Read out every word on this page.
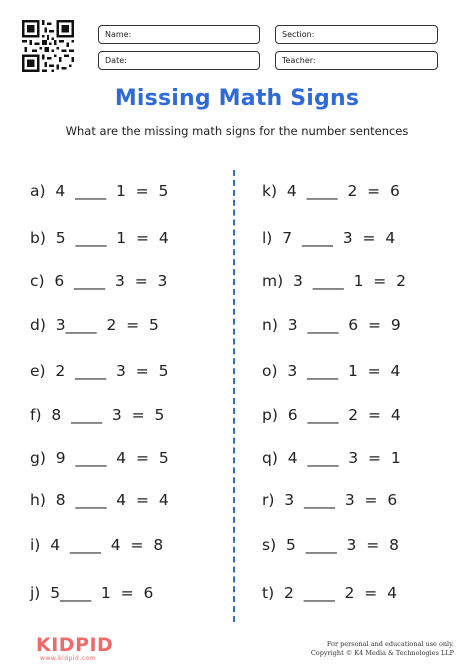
Name:	Section:
Date:	Teacher:
Missing Math Signs
What are the missing math signs for the number sentences
a)  4  ____  1  =  5
b)  5  ____  1  =  4
c)  6  ____  3  =  3
d)  3____  2  =  5
e)  2  ____  3  =  5
f)  8  ____  3  =  5
g)  9  ____  4  =  5
h)  8  ____  4  =  4
i)  4  ____  4  =  8
j)  5____  1  =  6
k)  4  ____  2  =  6
l)  7  ____  3  =  4
m)  3  ____  1  =  2
n)  3  ____  6  =  9
o)  3  ____  1  =  4
p)  6  ____  2  =  4
q)  4  ____  3  =  1
r)  3  ____  3  =  6
s)  5  ____  3  =  8
t)  2  ____  2  =  4
KIDPID
www.kidpid.com
For personal and educational use only.
Copyright © K4 Media & Technologies LLP
